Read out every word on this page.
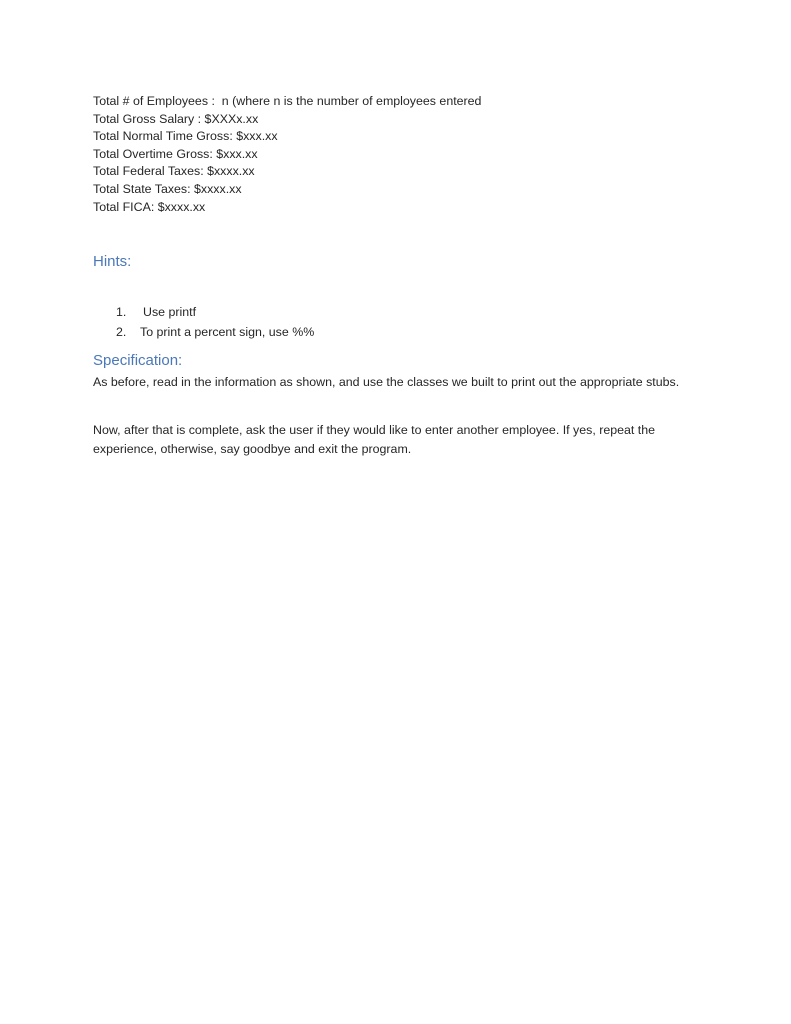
Total # of Employees :  n (where n is the number of employees entered
Total Gross Salary : $XXXx.xx
Total Normal Time Gross: $xxx.xx
Total Overtime Gross: $xxx.xx
Total Federal Taxes: $xxxx.xx
Total State Taxes: $xxxx.xx
Total FICA: $xxxx.xx
Hints:
1.	Use printf
2.	To print a percent sign, use %%
Specification:

As before, read in the information as shown, and use the classes we built to print out the appropriate stubs.

Now, after that is complete, ask the user if they would like to enter another employee. If yes, repeat the experience, otherwise, say goodbye and exit the program.
